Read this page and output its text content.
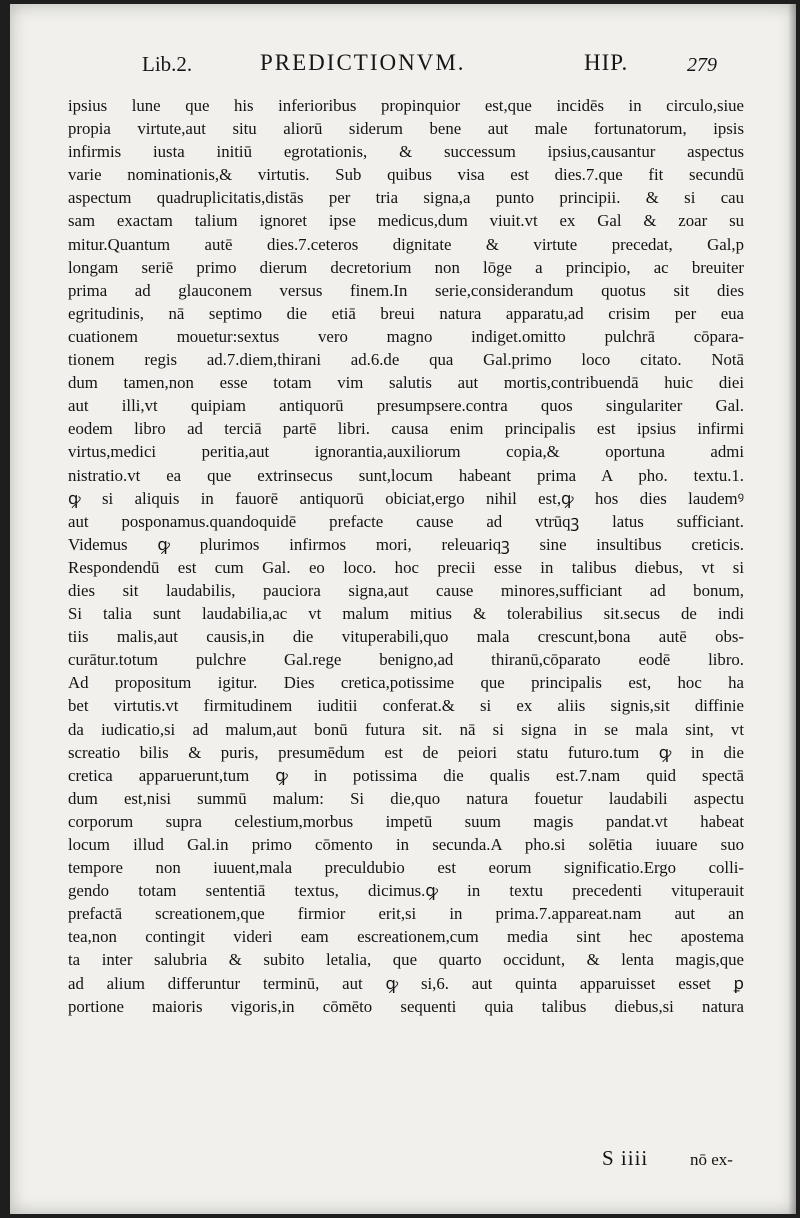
Lib.2.	PREDICTIONVM.	HIP.	279
ipsius lune que his inferioribus propinquior est,que incidēs in circulo,siue
propia virtute,aut situ aliorū siderum bene aut male fortunatorum, ipsis
infirmis iusta initiū egrotationis, & successum ipsius,causantur aspectus
varie nominationis,& virtutis. Sub quibus visa est dies.7.que fit secundū
aspectum quadruplicitatis,distās per tria signa,a punto principii. & si cau
sam exactam talium ignoret ipse medicus,dum viuit.vt ex Gal & zoar su
mitur.Quantum autē dies.7.ceteros dignitate & virtute precedat, Gal,p
longam seriē primo dierum decretorium non lōge a principio, ac breuiter
prima ad glauconem versus finem.In serie,considerandum quotus sit dies
egritudinis, nā septimo die etiā breui natura apparatu,ad crisim per eua
cuationem mouetur:sextus vero magno indiget.omitto pulchrā cōpara-
tionem regis ad.7.diem,thirani ad.6.de qua Gal.primo loco citato. Notā
dum tamen,non esse totam vim salutis aut mortis,contribuendā huic diei
aut illi,vt quipiam antiquorū presumpsere.contra quos singulariter Gal.
eodem libro ad terciā partē libri. causa enim principalis est ipsius infirmi
virtus,medici peritia,aut ignorantia,auxiliorum copia,& oportuna admi
nistratio.vt ea que extrinsecus sunt,locum habeant prima A pho. textu.1.
ꝙ si aliquis in fauorē antiquorū obiciat,ergo nihil est,ꝙ hos dies laudemꝰ
aut posponamus.quandoquidē prefacte cause ad vtrūqꝫ latus sufficiant.
Videmus ꝙ plurimos infirmos mori, releuariqꝫ sine insultibus creticis.
Respondendū est cum Gal. eo loco. hoc precii esse in talibus diebus, vt si
dies sit laudabilis, pauciora signa,aut cause minores,sufficiant ad bonum,
Si talia sunt laudabilia,ac vt malum mitius & tolerabilius sit.secus de indi
tiis malis,aut causis,in die vituperabili,quo mala crescunt,bona autē obs-
curātur.totum pulchre Gal.rege benigno,ad thiranū,cōparato eodē libro.
Ad propositum igitur. Dies cretica,potissime que principalis est, hoc ha
bet virtutis.vt firmitudinem iuditii conferat.& si ex aliis signis,sit diffinie
da iudicatio,si ad malum,aut bonū futura sit. nā si signa in se mala sint, vt
screatio bilis & puris, presumēdum est de peiori statu futuro.tum ꝙ in die
cretica apparuerunt,tum ꝙ in potissima die qualis est.7.nam quid spectā
dum est,nisi summū malum: Si die,quo natura fouetur laudabili aspectu
corporum supra celestium,morbus impetū suum magis pandat.vt habeat
locum illud Gal.in primo cōmento in secunda.A pho.si solētia iuuare suo
tempore non iuuent,mala preculdubio est eorum significatio.Ergo colli-
gendo totam sententiā textus, dicimus.ꝙ in textu precedenti vituperauit
prefactā screationem,que firmior erit,si in prima.7.appareat.nam aut an
tea,non contingit videri eam escreationem,cum media sint hec apostema
ta inter salubria & subito letalia, que quarto occidunt, & lenta magis,que
ad alium differuntur terminū, aut ꝙ si,6. aut quinta apparuisset esset ꝑ
portione maioris vigoris,in cōmēto sequenti quia talibus diebus,si natura
S iiii nō ex-
